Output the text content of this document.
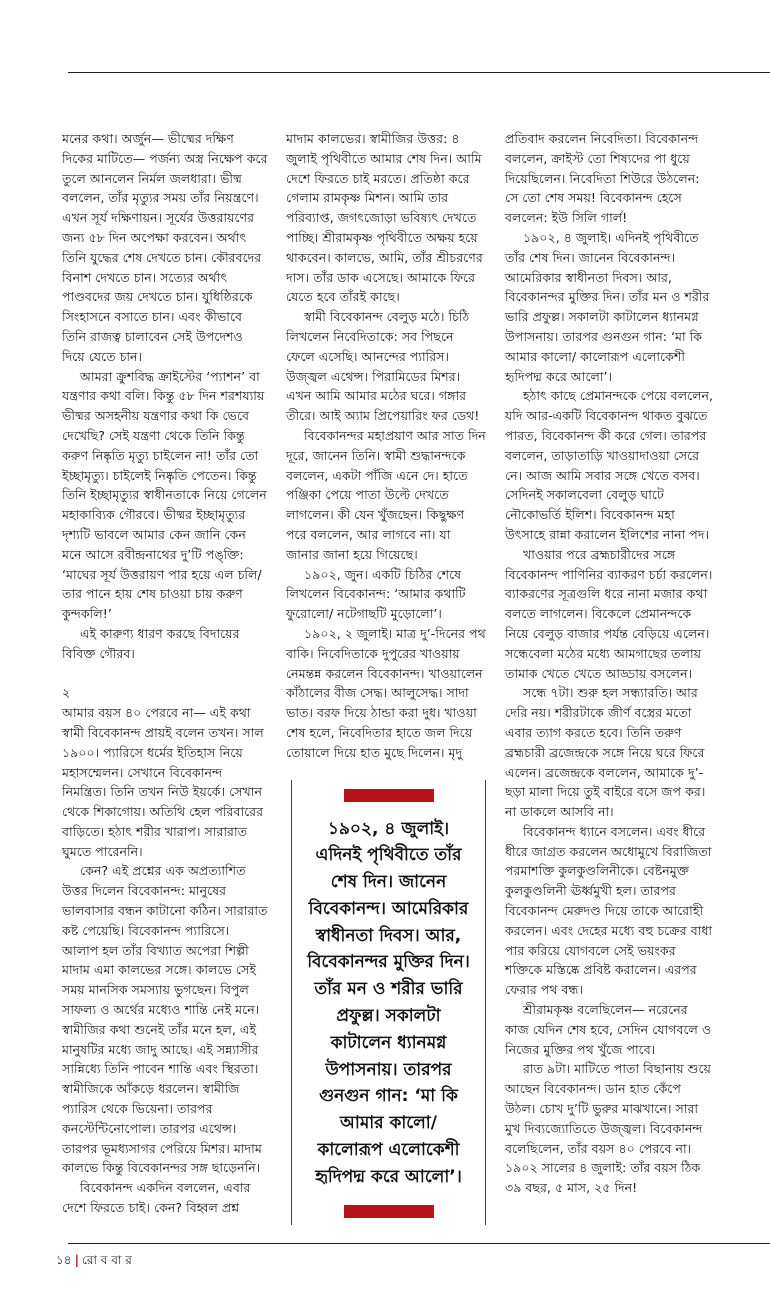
মনের কথা। অর্জুন— ভীষ্মের দক্ষিণ দিকের মাটিতে— পর্জন্য অস্ত্র নিক্ষেপ করে তুলে আনলেন নির্মল জলধারা। ভীষ্ম বললেন, তাঁর মৃত্যুর সময় তাঁর নিয়ন্ত্রণে। এখন সূর্য দক্ষিণায়ন। সূর্যের উত্তরায়ণের জন্য ৫৮ দিন অপেক্ষা করবেন। অর্থাৎ তিনি যুদ্ধের শেষ দেখতে চান। কৌরবদের বিনাশ দেখতে চান। সত্যের অর্থাৎ পাণ্ডবদের জয় দেখতে চান। যুধিষ্ঠিরকে সিংহাসনে বসাতে চান। এবং কীভাবে তিনি রাজত্ব চালাবেন সেই উপদেশও দিয়ে যেতে চান।

আমরা ক্রুশবিদ্ধ ক্রাইস্টের ‘প্যাশন’ বা যন্ত্রণার কথা বলি। কিন্তু ৫৮ দিন শরশয্যায় ভীষ্মর অসহনীয় যন্ত্রণার কথা কি ভেবে দেখেছি? সেই যন্ত্রণা থেকে তিনি কিন্তু করুণ নিষ্কৃতি মৃত্যু চাইলেন না! তাঁর তো ইচ্ছামৃত্যু। চাইলেই নিষ্কৃতি পেতেন। কিন্তু তিনি ইচ্ছামৃত্যুর স্বাধীনতাকে নিয়ে গেলেন মহাকাব্যিক গৌরবে। ভীষ্মর ইচ্ছামৃত্যুর দৃশ্যটি ভাবলে আমার কেন জানি কেন মনে আসে রবীন্দ্রনাথের দু’টি পঙ্‌ক্তি: ‘মাঘের সূর্য উত্তরায়ণ পার হয়ে এল চলি/ তার পানে হায় শেষ চাওয়া চায় করুণ কুন্দকলি!’

এই কারুণ্য ধারণ করছে বিদায়ের বিবিক্ত গৌরব।

২

আমার বয়স ৪০ পেরবে না— এই কথা স্বামী বিবেকানন্দ প্রায়ই বলেন তখন। সাল ১৯০০। প্যারিসে ধর্মের ইতিহাস নিয়ে মহাসম্মেলন। সেখানে বিবেকানন্দ নিমন্ত্রিত। তিনি তখন নিউ ইয়র্কে। সেখান থেকে শিকাগোয়। অতিথি হেল পরিবারের বাড়িতে। হঠাৎ শরীর খারাপ। সারারাত ঘুমতে পারেননি।

কেন? এই প্রশ্নের এক অপ্রত্যাশিত উত্তর দিলেন বিবেকানন্দ: মানুষের ভালবাসার বন্ধন কাটানো কঠিন। সারারাত কষ্ট পেয়েছি। বিবেকানন্দ প্যারিসে। আলাপ হল তাঁর বিখ্যাত অপেরা শিল্পী মাদাম এমা কালভের সঙ্গে। কালভে সেই সময় মানসিক সমস্যায় ভুগছেন। বিপুল সাফল্য ও অর্থের মধ্যেও শান্তি নেই মনে। স্বামীজির কথা শুনেই তাঁর মনে হল, এই মানুষটির মধ্যে জাদু আছে। এই সন্ন্যাসীর সান্নিধ্যে তিনি পাবেন শান্তি এবং স্থিরতা। স্বামীজিকে আঁকড়ে ধরলেন। স্বামীজি প্যারিস থেকে ভিয়েনা। তারপর কনস্টেন্টিনোপোল। তারপর এথেন্স। তারপর ভূমধ্যসাগর পেরিয়ে মিশর। মাদাম কালভে কিন্তু বিবেকানন্দর সঙ্গ ছাড়েননি।

বিবেকানন্দ একদিন বললেন, এবার দেশে ফিরতে চাই। কেন? বিহ্বল প্রশ্ন

মাদাম কালভের। স্বামীজির উত্তর: ৪ জুলাই পৃথিবীতে আমার শেষ দিন। আমি দেশে ফিরতে চাই মরতে। প্রতিষ্ঠা করে গেলাম রামকৃষ্ণ মিশন। আমি তার পরিব্যাপ্ত, জগৎজোড়া ভবিষ্যৎ দেখতে পাচ্ছি। শ্রীরামকৃষ্ণ পৃথিবীতে অক্ষয় হয়ে থাকবেন। কালভে, আমি, তাঁর শ্রীচরণের দাস। তাঁর ডাক এসেছে। আমাকে ফিরে যেতে হবে তাঁরই কাছে।

স্বামী বিবেকানন্দ বেলুড় মঠে। চিঠি লিখলেন নিবেদিতাকে: সব পিছনে ফেলে এসেছি। আনন্দের প্যারিস। উজ্জ্বল এথেন্স। পিরামিডের মিশর। এখন আমি আমার মঠের ঘরে। গঙ্গার তীরে। আই অ্যাম প্রিপেয়ারিং ফর ডেথ!

বিবেকানন্দর মহাপ্রয়াণ আর সাত দিন দূরে, জানেন তিনি। স্বামী শুদ্ধানন্দকে বললেন, একটা পাঁজি এনে দে। হাতে পঞ্জিকা পেয়ে পাতা উল্টে দেখতে লাগলেন। কী যেন খুঁজছেন। কিছুক্ষণ পরে বললেন, আর লাগবে না। যা জানার জানা হয়ে গিয়েছে।

১৯০২, জুন। একটি চিঠির শেষে লিখলেন বিবেকানন্দ: ‘আমার কথাটি ফুরোলো/ নটেগাছটি মুড়োলো’।

১৯০২, ২ জুলাই। মাত্র দু’-দিনের পথ বাকি। নিবেদিতাকে দুপুরের খাওয়ায় নেমন্তন্ন করলেন বিবেকানন্দ। খাওয়ালেন কাঁঠালের বীজ সেদ্ধ। আলুসেদ্ধ। সাদা ভাত। বরফ দিয়ে ঠান্ডা করা দুধ। খাওয়া শেষ হলে, নিবেদিতার হাতে জল দিয়ে তোয়ালে দিয়ে হাত মুছে দিলেন। মৃদু

১৯০২, ৪ জুলাই।
এদিনই পৃথিবীতে তাঁর
শেষ দিন। জানেন
বিবেকানন্দ। আমেরিকার
স্বাধীনতা দিবস। আর,
বিবেকানন্দর মুক্তির দিন।
তাঁর মন ও শরীর ভারি
প্রফুল্ল। সকালটা
কাটালেন ধ্যানমগ্ন
উপাসনায়। তারপর
গুনগুন গান: ‘মা কি
আমার কালো/
কালোরূপ এলোকেশী
হৃদিপদ্ম করে আলো’।

প্রতিবাদ করলেন নিবেদিতা। বিবেকানন্দ বললেন, ক্রাইস্ট তো শিষ্যদের পা ধুয়ে দিয়েছিলেন। নিবেদিতা শিউরে উঠলেন: সে তো শেষ সময়! বিবেকানন্দ হেসে বললেন: ইউ সিলি গার্ল!

১৯০২, ৪ জুলাই। এদিনই পৃথিবীতে তাঁর শেষ দিন। জানেন বিবেকানন্দ। আমেরিকার স্বাধীনতা দিবস। আর, বিবেকানন্দর মুক্তির দিন। তাঁর মন ও শরীর ভারি প্রফুল্ল। সকালটা কাটালেন ধ্যানমগ্ন উপাসনায়। তারপর গুনগুন গান: ‘মা কি আমার কালো/ কালোরূপ এলোকেশী হৃদিপদ্ম করে আলো’।

হঠাৎ কাছে প্রেমানন্দকে পেয়ে বললেন, যদি আর-একটি বিবেকানন্দ থাকত বুঝতে পারত, বিবেকানন্দ কী করে গেল। তারপর বললেন, তাড়াতাড়ি খাওয়াদাওয়া সেরে নে। আজ আমি সবার সঙ্গে খেতে বসব। সেদিনই সকালবেলা বেলুড় ঘাটে নৌকোভর্তি ইলিশ। বিবেকানন্দ মহা উৎসাহে রান্না করালেন ইলিশের নানা পদ।

খাওয়ার পরে ব্রহ্মচারীদের সঙ্গে বিবেকানন্দ পাণিনির ব্যাকরণ চর্চা করলেন। ব্যাকরণের সূত্রগুলি ধরে নানা মজার কথা বলতে লাগলেন। বিকেলে প্রেমানন্দকে নিয়ে বেলুড় বাজার পর্যন্ত বেড়িয়ে এলেন। সন্ধেবেলা মঠের মধ্যে আমগাছের তলায় তামাক খেতে খেতে আড্ডায় বসলেন।

সন্ধে ৭টা। শুরু হল সন্ধ্যারতি। আর দেরি নয়। শরীরটাকে জীর্ণ বস্ত্রের মতো এবার ত্যাগ করতে হবে। তিনি তরুণ ব্রহ্মচারী ব্রজেন্দ্রকে সঙ্গে নিয়ে ঘরে ফিরে এলেন। ব্রজেন্দ্রকে বললেন, আমাকে দু’-ছড়া মালা দিয়ে তুই বাইরে বসে জপ কর। না ডাকলে আসবি না।

বিবেকানন্দ ধ্যানে বসলেন। এবং ধীরে ধীরে জাগ্রত করলেন অধোমুখে বিরাজিতা পরমাশক্তি কুলকুণ্ডলিনীকে। বেষ্টনমুক্ত কুলকুণ্ডলিনী ঊর্ধ্বমুখী হল। তারপর বিবেকানন্দ মেরুদণ্ড দিয়ে তাকে আরোহী করলেন। এবং দেহের মধ্যে বহু চক্রের বাধা পার করিয়ে যোগবলে সেই ভয়ংকর শক্তিকে মস্তিষ্কে প্রবিষ্ট করালেন। এরপর ফেরার পথ বন্ধ।

শ্রীরামকৃষ্ণ বলেছিলেন— নরেনের কাজ যেদিন শেষ হবে, সেদিন যোগবলে ও নিজের মুক্তির পথ খুঁজে পাবে।

রাত ৯টা। মাটিতে পাতা বিছানায় শুয়ে আছেন বিবেকানন্দ। ডান হাত কেঁপে উঠল। চোখ দু’টি ভুরুর মাঝখানে। সারা মুখ দিব্যজ্যোতিতে উজ্জ্বল। বিবেকানন্দ বলেছিলেন, তাঁর বয়স ৪০ পেরবে না। ১৯০২ সালের ৪ জুলাই: তাঁর বয়স ঠিক ৩৯ বছর, ৫ মাস, ২৫ দিন!

১৪ | রো ব বা র
